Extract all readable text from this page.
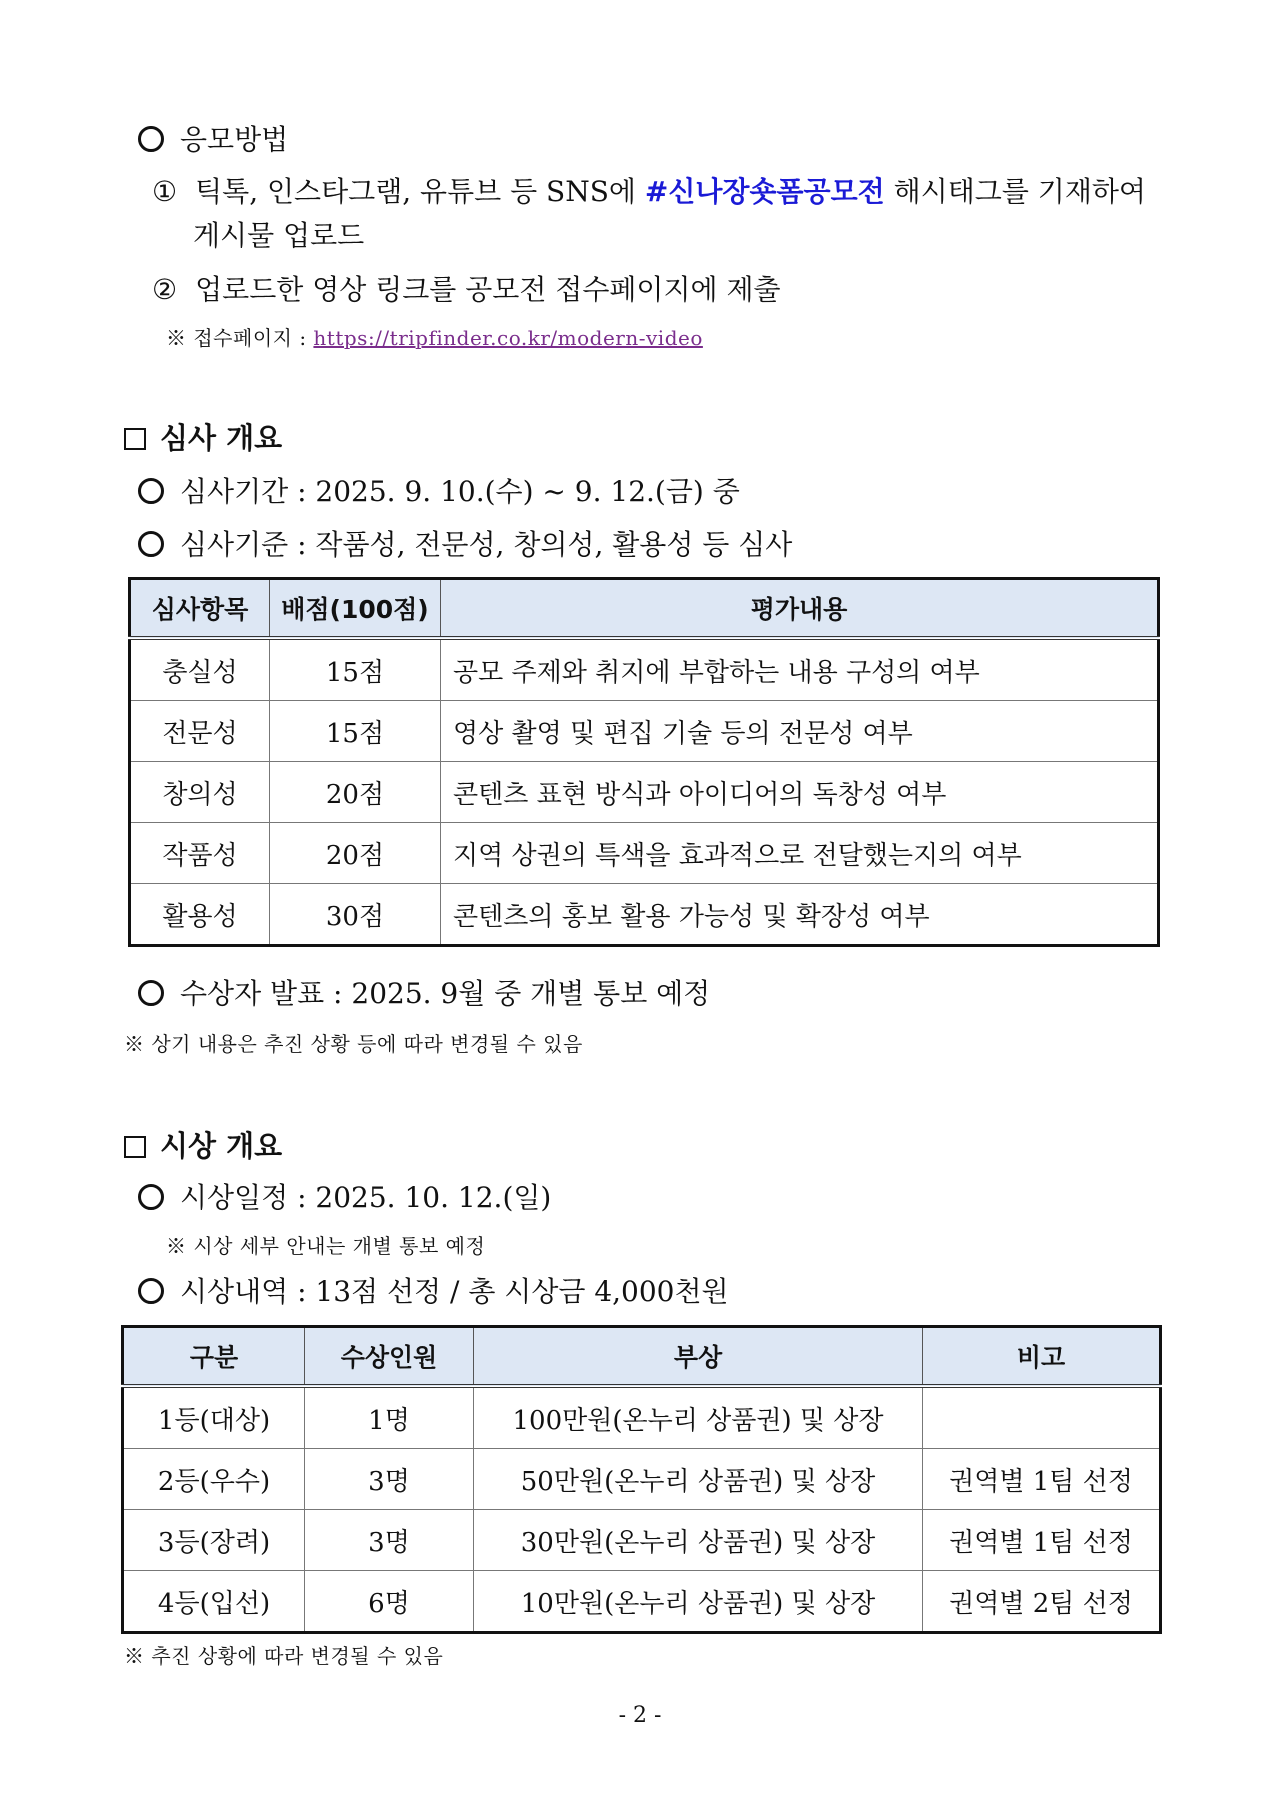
응모방법
① 틱톡, 인스타그램, 유튜브 등 SNS에 #신나장숏폼공모전 해시태그를 기재하여
게시물 업로드
② 업로드한 영상 링크를 공모전 접수페이지에 제출
※ 접수페이지 : https://tripfinder.co.kr/modern-video
심사 개요
심사기간 : 2025. 9. 10.(수) ~ 9. 12.(금) 중
심사기준 : 작품성, 전문성, 창의성, 활용성 등 심사
심사항목	배점(100점)	평가내용
충실성	15점	공모 주제와 취지에 부합하는 내용 구성의 여부
전문성	15점	영상 촬영 및 편집 기술 등의 전문성 여부
창의성	20점	콘텐츠 표현 방식과 아이디어의 독창성 여부
작품성	20점	지역 상권의 특색을 효과적으로 전달했는지의 여부
활용성	30점	콘텐츠의 홍보 활용 가능성 및 확장성 여부
수상자 발표 : 2025. 9월 중 개별 통보 예정
※ 상기 내용은 추진 상황 등에 따라 변경될 수 있음
시상 개요
시상일정 : 2025. 10. 12.(일)
※ 시상 세부 안내는 개별 통보 예정
시상내역 : 13점 선정 / 총 시상금 4,000천원
구분	수상인원	부상	비고
1등(대상)	1명	100만원(온누리 상품권) 및 상장	
2등(우수)	3명	50만원(온누리 상품권) 및 상장	권역별 1팀 선정
3등(장려)	3명	30만원(온누리 상품권) 및 상장	권역별 1팀 선정
4등(입선)	6명	10만원(온누리 상품권) 및 상장	권역별 2팀 선정
※ 추진 상황에 따라 변경될 수 있음
- 2 -
